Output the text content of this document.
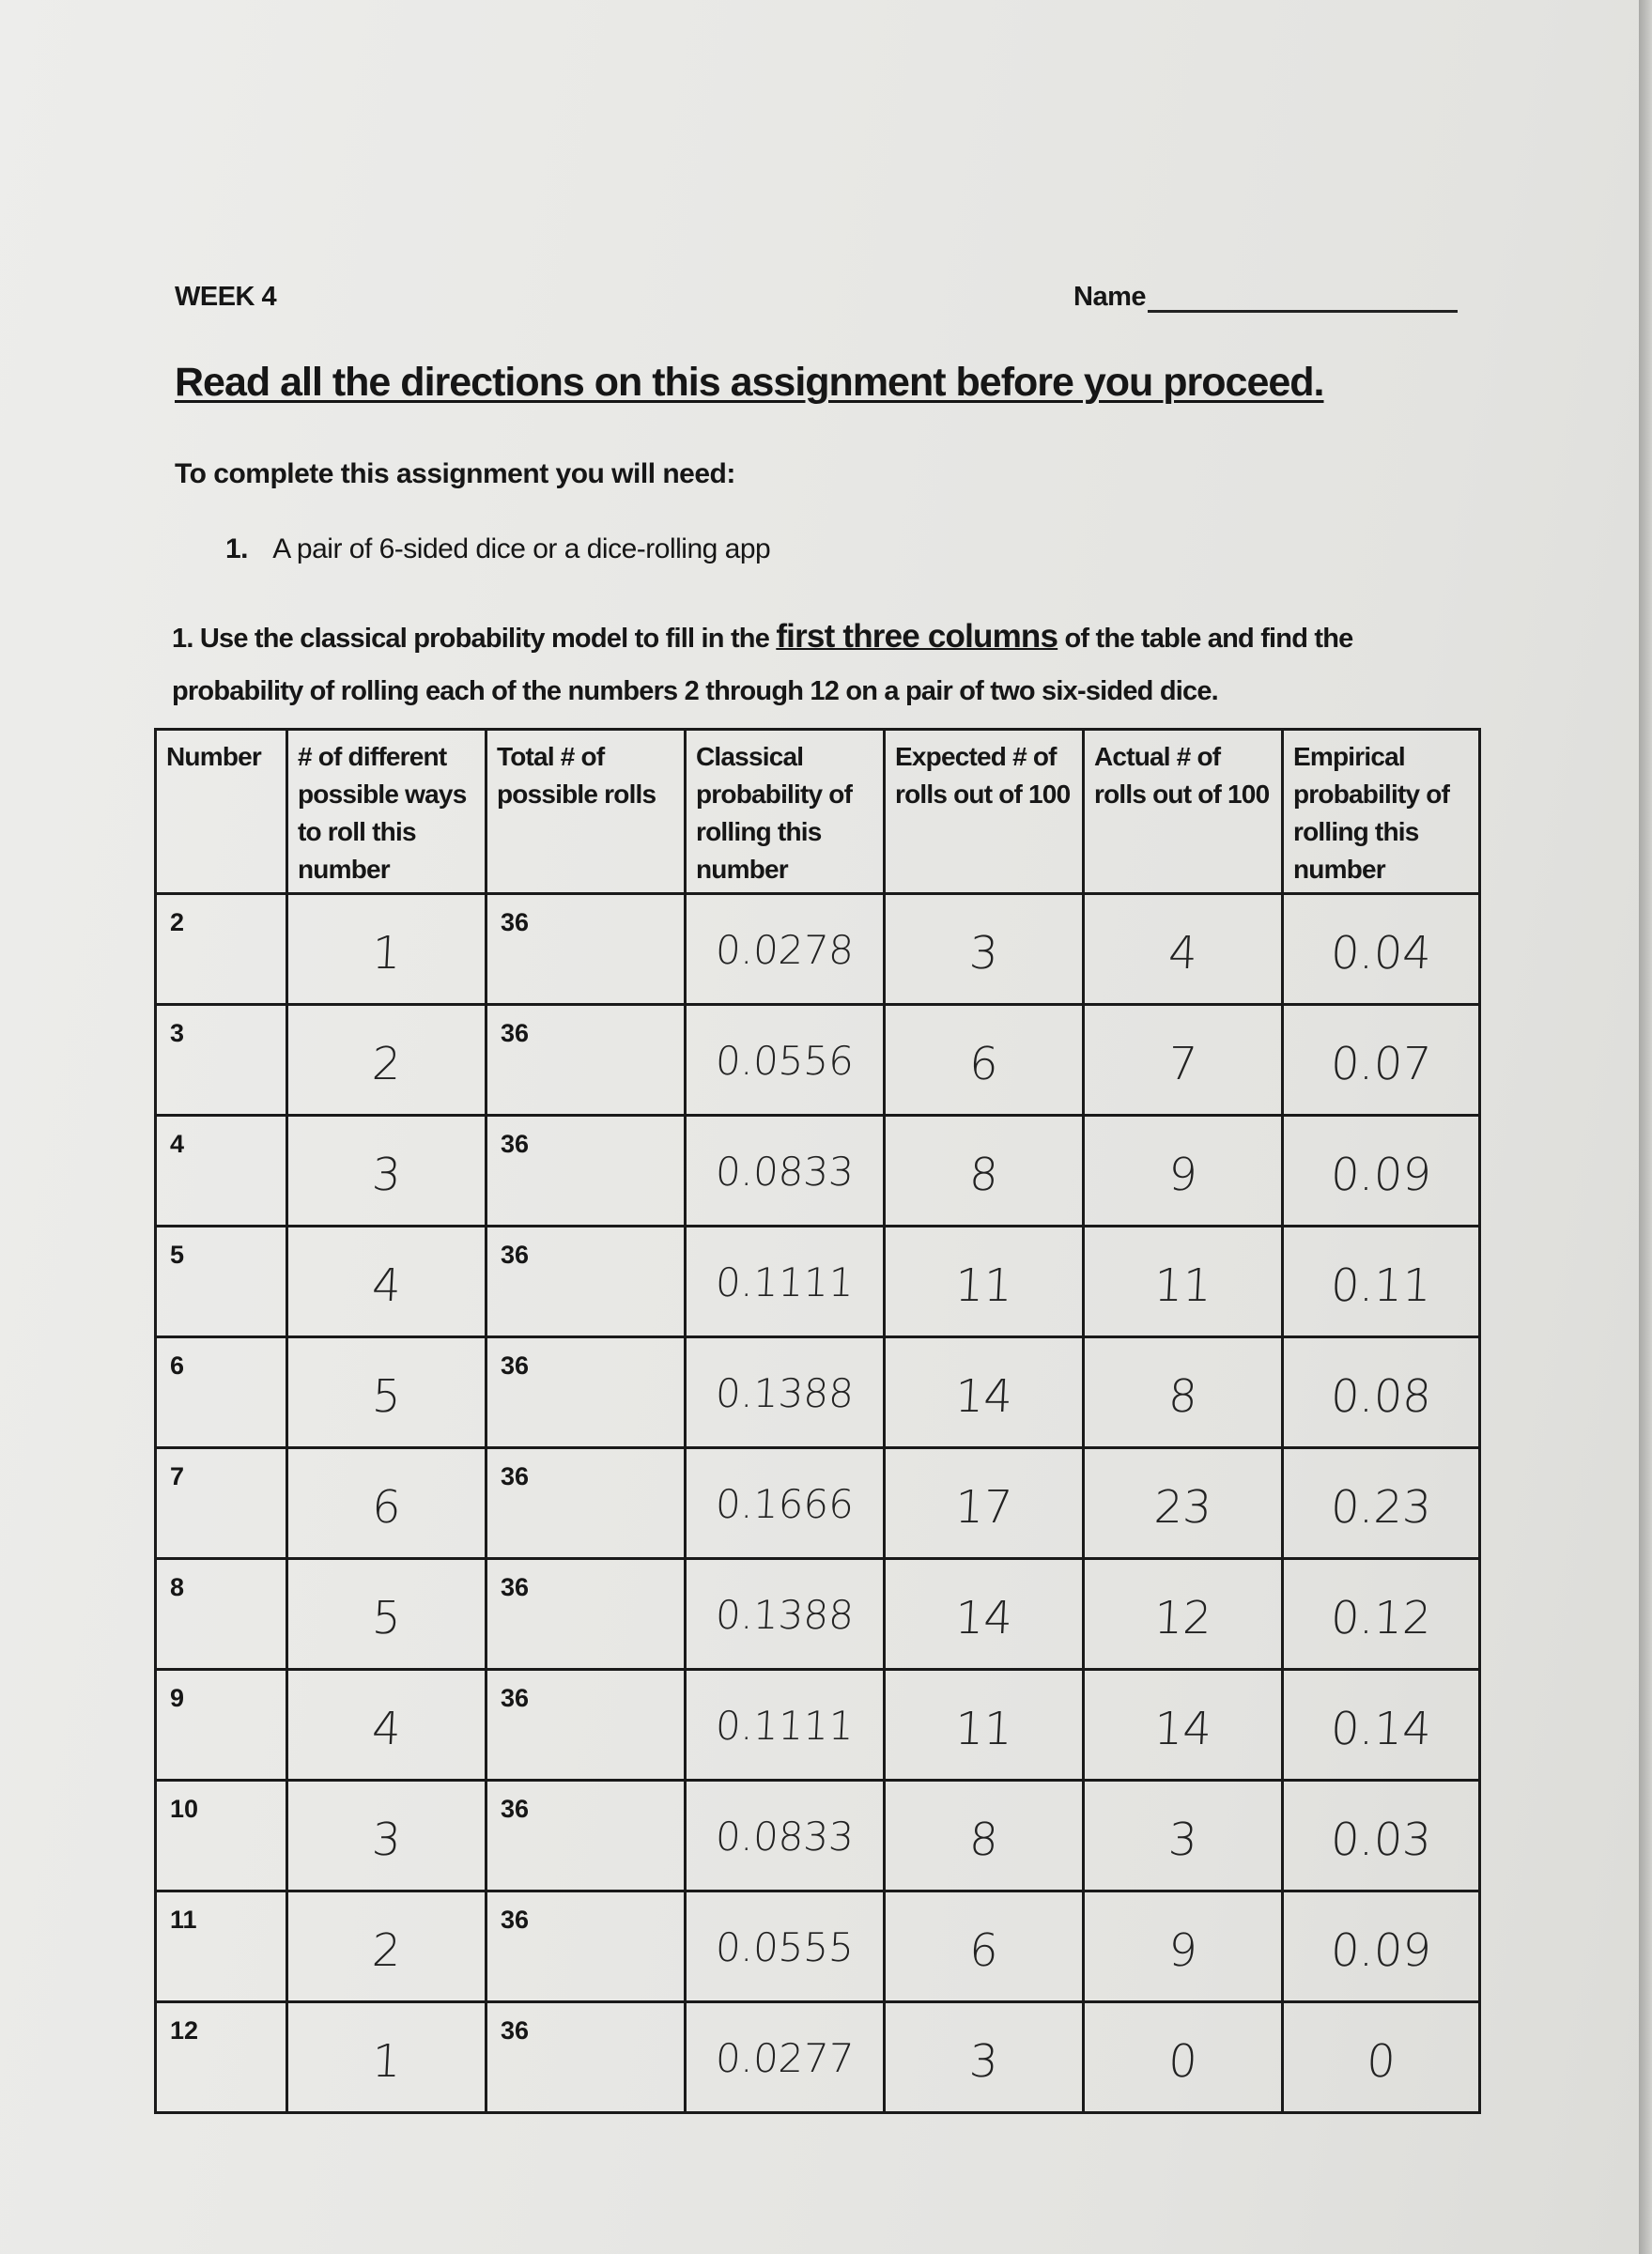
WEEK 4	Name
Read all the directions on this assignment before you proceed.
To complete this assignment you will need:
1. A pair of 6-sided dice or a dice-rolling app
1. Use the classical probability model to fill in the first three columns of the table and find the probability of rolling each of the numbers 2 through 12 on a pair of two six-sided dice.
Number	# of different possible ways to roll this number	Total # of possible rolls	Classical probability of rolling this number	Expected # of rolls out of 100	Actual # of rolls out of 100	Empirical probability of rolling this number

2	1	36	0.0278	3	4	0.04

3	2	36	0.0556	6	7	0.07

4	3	36	0.0833	8	9	0.09

5	4	36	0.1111	11	11	0.11

6	5	36	0.1388	14	8	0.08

7	6	36	0.1666	17	23	0.23

8	5	36	0.1388	14	12	0.12

9	4	36	0.1111	11	14	0.14

10	3	36	0.0833	8	3	0.03

11	2	36	0.0555	6	9	0.09

12	1	36	0.0277	3	0	0
